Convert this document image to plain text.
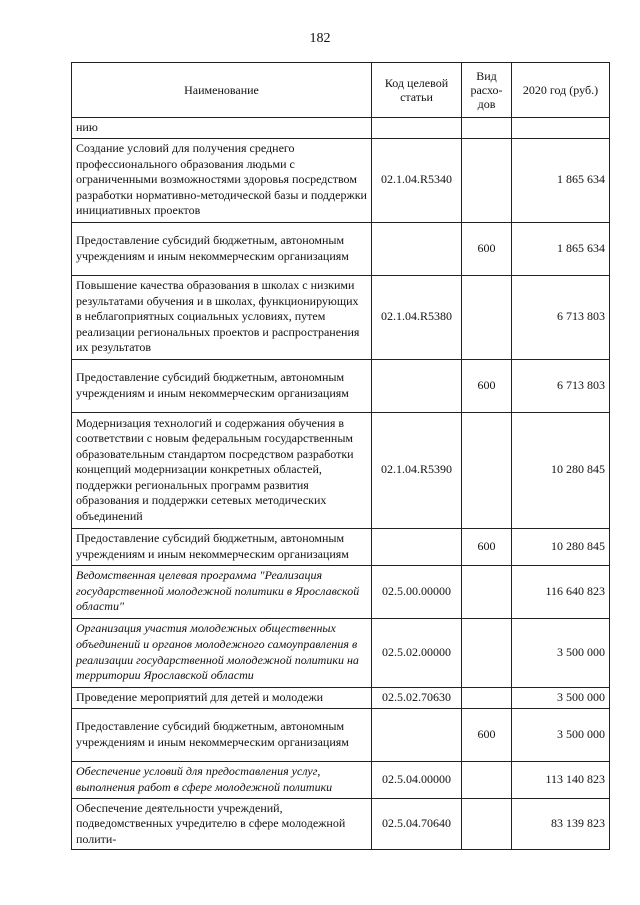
182
Наименование	Код целевой статьи	Вид расхо-дов	2020 год (руб.)
нию			
Создание условий для получения среднего профессионального образования людьми с ограниченными возможностями здоровья посредством разработки нормативно-методической базы и поддержки инициативных проектов	02.1.04.R5340		1 865 634
Предоставление субсидий бюджетным, автономным учреждениям и иным некоммерческим организациям		600	1 865 634
Повышение качества образования в школах с низкими результатами обучения и в школах, функционирующих в неблагоприятных социальных условиях, путем реализации региональных проектов и распространения их результатов	02.1.04.R5380		6 713 803
Предоставление субсидий бюджетным, автономным учреждениям и иным некоммерческим организациям		600	6 713 803
Модернизация технологий и содержания обучения в соответствии с новым федеральным государственным образовательным стандартом посредством разработки концепций модернизации конкретных областей, поддержки региональных программ развития образования и поддержки сетевых методических объединений	02.1.04.R5390		10 280 845
Предоставление субсидий бюджетным, автономным учреждениям и иным некоммерческим организациям		600	10 280 845
Ведомственная целевая программа "Реализация государственной молодежной политики в Ярославской области"	02.5.00.00000		116 640 823
Организация участия молодежных общественных объединений и органов молодежного самоуправления в реализации государственной молодежной политики на территории Ярославской области	02.5.02.00000		3 500 000
Проведение мероприятий для детей и молодежи	02.5.02.70630		3 500 000
Предоставление субсидий бюджетным, автономным учреждениям и иным некоммерческим организациям		600	3 500 000
Обеспечение условий для предоставления услуг, выполнения работ в сфере молодежной политики	02.5.04.00000		113 140 823
Обеспечение деятельности учреждений, подведомственных учредителю в сфере молодежной полити-	02.5.04.70640		83 139 823
